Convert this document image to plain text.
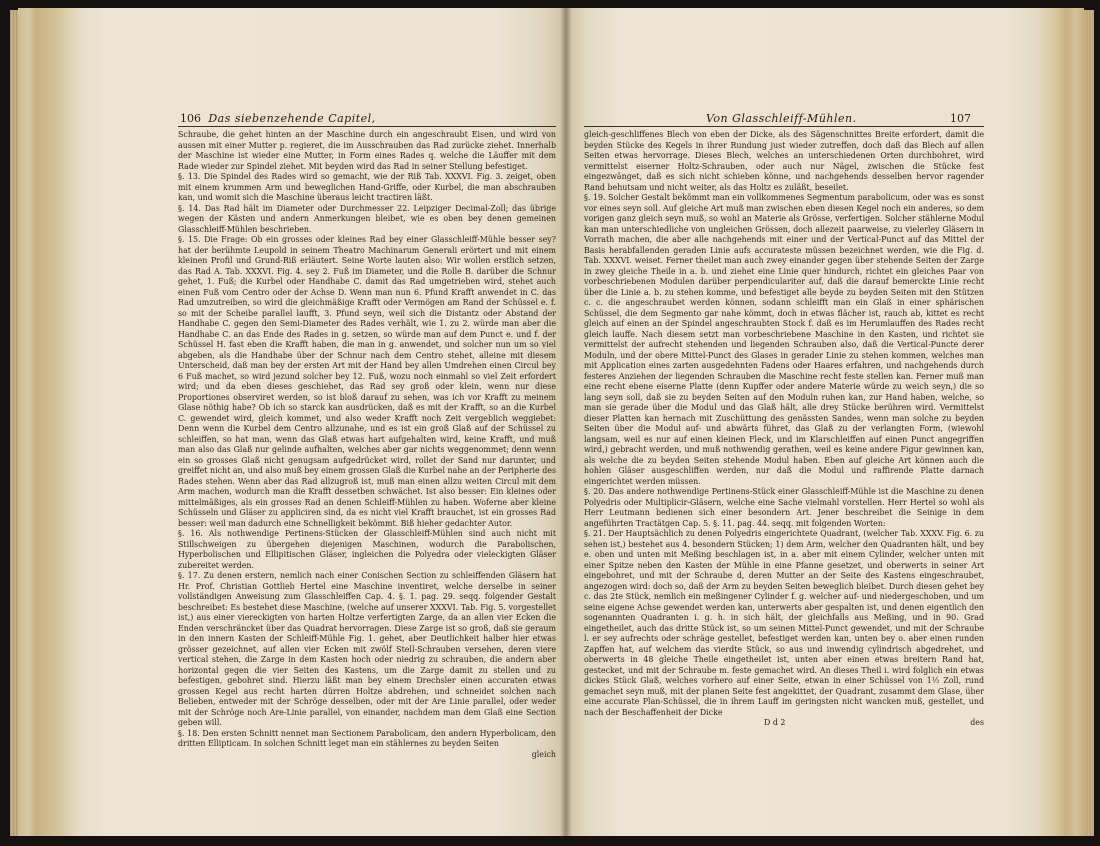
106 Das siebenzehende Capitel,

Schraube, die gehet hinten an der Maschine durch ein angeschraubt Eisen, und wird von aussen mit einer Mutter p. regieret, die im Ausschrauben das Rad zurücke ziehet. Innerhalb der Maschine ist wieder eine Mutter, in Form eines Rades q. welche die Läuffer mit dem Rade wieder zur Spindel ziehet. Mit beyden wird das Rad in seiner Stellung befestiget.

§. 13. Die Spindel des Rades wird so gemacht, wie der Riß Tab. XXXVI. Fig. 3. zeiget, oben mit einem krummen Arm und beweglichen Hand-Griffe, oder Kurbel, die man abschrauben kan, und womit sich die Maschine überaus leicht tractiren läßt.

§. 14. Das Rad hält im Diameter oder Durchmesser 22. Leipziger Decimal-Zoll; das übrige wegen der Kästen und andern Anmerkungen bleibet, wie es oben bey denen gemeinen Glasschleiff-Mühlen beschrieben.

§. 15. Die Frage: Ob ein grosses oder kleines Rad bey einer Glasschleiff-Mühle besser sey? hat der berühmte Leupold in seinem Theatro Machinarum Generali erörtert und mit einem kleinen Profil und Grund-Riß erläutert. Seine Worte lauten also: Wir wollen erstlich setzen, das Rad A. Tab. XXXVI. Fig. 4. sey 2. Fuß im Diameter, und die Rolle B. darüber die Schnur gehet, 1. Fuß; die Kurbel oder Handhabe C. damit das Rad umgetrieben wird, stehet auch einen Fuß vom Centro oder der Achse D. Wenn man nun 6. Pfund Krafft anwendet in C. das Rad umzutreiben, so wird die gleichmäßige Krafft oder Vermögen am Rand der Schüssel e. f. so mit der Scheibe parallel laufft, 3. Pfund seyn, weil sich die Distantz oder Abstand der Handhabe C. gegen den Semi-Diameter des Rades verhält, wie 1. zu 2. würde man aber die Handhabe C. an das Ende des Rades in g. setzen, so würde man auf dem Punct e. und f. der Schüssel H. fast eben die Krafft haben, die man in g. anwendet, und solcher nun um so viel abgeben, als die Handhabe über der Schnur nach dem Centro stehet, alleine mit diesem Unterscheid, daß man bey der ersten Art mit der Hand bey allen Umdrehen einen Circul bey 6 Fuß machet, so wird jezund solcher bey 12. Fuß, wozu noch einmahl so viel Zeit erfordert wird; und da eben dieses geschiehet, das Rad sey groß oder klein, wenn nur diese Proportiones observiret werden, so ist bloß darauf zu sehen, was ich vor Krafft zu meinem Glase nöthig habe? Ob ich so starck kan ausdrücken, daß es mit der Krafft, so an die Kurbel C. gewendet wird, gleich kommet, und also weder Krafft noch Zeit vergeblich weggiebet: Denn wenn die Kurbel dem Centro allzunahe, und es ist ein groß Glaß auf der Schüssel zu schleiffen, so hat man, wenn das Glaß etwas hart aufgehalten wird, keine Krafft, und muß man also das Glaß nur gelinde aufhalten, welches aber gar nichts weggenommet; denn wenn ein so grosses Glaß nicht genugsam aufgedrücket wird, rollet der Sand nur darunter, und greiffet nicht an, und also muß bey einem grossen Glaß die Kurbel nahe an der Peripherie des Rades stehen. Wenn aber das Rad allzugroß ist, muß man einen allzu weiten Circul mit dem Arm machen, wodurch man die Krafft dessetben schwächet. Ist also besser: Ein kleines oder mittelmäßiges, als ein grosses Rad an denen Schleiff-Mühlen zu haben. Woferne aber kleine Schüsseln und Gläser zu appliciren sind, da es nicht viel Krafft brauchet, ist ein grosses Rad besser: weil man dadurch eine Schnelligkeit bekömmt. Biß hieher gedachter Autor.

§. 16. Als nothwendige Pertinens-Stücken der Glasschleiff-Mühlen sind auch nicht mit Stillschweigen zu übergehen diejenigen Maschinen, wodurch die Parabolischen, Hyperbolischen und Ellipitischen Gläser, ingleichen die Polyedra oder vieleckigten Gläser zubereitet werden.

§. 17. Zu denen erstern, nemlich nach einer Conischen Section zu schleiffenden Gläsern hat Hr. Prof. Christian Gottlieb Hertel eine Maschine inventiret, welche derselbe in seiner vollständigen Anweisung zum Glasschleiffen Cap. 4. §. 1. pag. 29. seqq. folgender Gestalt beschreibet: Es bestehet diese Maschine, (welche auf unserer XXXVI. Tab. Fig. 5. vorgestellet ist,) aus einer viereckigten von harten Holtze verfertigten Zarge, da an allen vier Ecken die Enden verschräncket über das Quadrat hervorragen. Diese Zarge ist so groß, daß sie geraum in den innern Kasten der Schleiff-Mühle Fig. 1. gehet, aber Deutlichkeit halber hier etwas grösser gezeichnet, auf allen vier Ecken mit zwölf Stell-Schrauben versehen, deren viere vertical stehen, die Zarge in dem Kasten hoch oder niedrig zu schrauben, die andern aber horizontal gegen die vier Seiten des Kastens, um die Zarge damit zu stellen und zu befestigen, gebohret sind. Hierzu läßt man bey einem Drechsler einen accuraten etwas grossen Kegel aus recht harten dürren Holtze abdrehen, und schneidet solchen nach Belieben, entweder mit der Schröge desselben, oder mit der Are Linie parallel, oder weder mit der Schröge noch Are-Linie parallel, von einander, nachdem man dem Glaß eine Section geben will.

§. 18. Den ersten Schnitt nennet man Sectionem Parabolicam, den andern Hyperbolicam, den dritten Ellipticam. In solchen Schnitt leget man ein stählernes zu beyden Seiten

gleich
Von Glasschleiff-Mühlen.	107

gleich-geschliffenes Blech von eben der Dicke, als des Sägenschnittes Breite erfordert, damit die beyden Stücke des Kegels in ihrer Rundung just wieder zutreffen, doch daß das Blech auf allen Seiten etwas hervorrage. Dieses Blech, welches an unterschiedenen Orten durchbohret, wird vermittelst eiserner Holtz-Schrauben, oder auch nur Nägel, zwischen die Stücke fest eingezwänget, daß es sich nicht schieben könne, und nachgehends desselben hervor ragender Rand behutsam und nicht weiter, als das Holtz es zuläßt, beseilet.

§. 19. Solcher Gestalt bekömmt man ein vollkommenes Segmentum parabolicum, oder was es sonst vor eines seyn soll. Auf gleiche Art muß man zwischen eben diesen Kegel noch ein anderes, so dem vorigen ganz gleich seyn muß, so wohl an Materie als Grösse, verfertigen. Solcher stählerne Modul kan man unterschiedliche von ungleichen Grössen, doch allezeit paarweise, zu vielerley Gläsern in Vorrath machen, die aber alle nachgehends mit einer und der Vertical-Punct auf das Mittel der Basis herabfallenden geraden Linie aufs accurateste müssen bezeichnet werden, wie die Fig. d. Tab. XXXVI. weiset. Ferner theilet man auch zwey einander gegen über stehende Seiten der Zarge in zwey gleiche Theile in a. b. und ziehet eine Linie quer hindurch, richtet ein gleiches Paar von vorbeschriebenen Modulen darüber perpendiculariter auf, daß die darauf bemerckte Linie recht über die Linie a. b. zu stehen komme, und befestiget alle beyde zu beyden Seiten mit den Stützen c. c. die angeschraubet werden können, sodann schleifft man ein Glaß in einer sphärischen Schüssel, die dem Segmento gar nahe kömmt, doch in etwas flächer ist, rauch ab, kittet es recht gleich auf einen an der Spindel angeschraubten Stock f. daß es im Herumlauffen des Rades recht gleich lauffe. Nach diesem setzt man vorbeschriebene Maschine in den Kasten, und richtet sie vermittelst der aufrecht stehenden und liegenden Schrauben also, daß die Vertical-Puncte derer Moduln, und der obere Mittel-Punct des Glases in gerader Linie zu stehen kommen, welches man mit Application eines zarten ausgedehnten Fadens oder Haares erfahren, und nachgehends durch festeres Anziehen der liegenden Schrauben die Maschine recht feste stellen kan. Ferner muß man eine recht ebene eiserne Platte (denn Kupffer oder andere Materie würde zu weich seyn,) die so lang seyn soll, daß sie zu beyden Seiten auf den Moduln ruhen kan, zur Hand haben, welche, so man sie gerade über die Modul und das Glaß hält, alle drey Stücke berühren wird. Vermittelst dieser Platten kan hernach mit Zuschüttung des genässten Sandes, wenn man solche zu beyden Seiten über die Modul auf- und abwärts führet, das Glaß zu der verlangten Form, (wiewohl langsam, weil es nur auf einen kleinen Fleck, und im Klarschleiffen auf einen Punct angegriffen wird,) gebracht werden, und muß nothwendig gerathen, weil es keine andere Figur gewinnen kan, als welche die zu beyden Seiten stehende Modul haben. Eben auf gleiche Art können auch die hohlen Gläser ausgeschliffen werden, nur daß die Modul und raffirende Platte darnach eingerichtet werden müssen.

§. 20. Das andere nothwendige Pertinens-Stück einer Glasschleiff-Mühle ist die Maschine zu denen Polyedris oder Multiplicir-Gläsern, welche eine Sache vielmahl vorstellen. Herr Hertel so wohl als Herr Leutmann bedienen sich einer besondern Art. Jener beschreibet die Seinige in dem angeführten Tractätgen Cap. 5. §. 11. pag. 44. seqq. mit folgenden Worten:

§. 21. Der Hauptsächlich zu denen Polyedris eingerichtete Quadrant, (welcher Tab. XXXV. Fig. 6. zu sehen ist,) bestehet aus 4. besondern Stücken; 1) dem Arm, welcher den Quadranten hält, und bey e. oben und unten mit Meßing beschlagen ist, in a. aber mit einem Cylinder, welcher unten mit einer Spitze neben den Kasten der Mühle in eine Pfanne gesetzet, und oberwerts in seiner Art eingebohret, und mit der Schraube d, deren Mutter an der Seite des Kastens eingeschraubet, angezogen wird: doch so, daß der Arm zu beyden Seiten beweglich bleibet. Durch diesen gehet bey c. das 2te Stück, nemlich ein meßingener Cylinder f. g. welcher auf- und niedergeschoben, und um seine eigene Achse gewendet werden kan, unterwerts aber gespalten ist, und denen eigentlich den sogenannten Quadranten i. g. h. in sich hält, der gleichfalls aus Meßing, und in 90. Grad eingetheilet, auch das dritte Stück ist, so um seinen Mittel-Punct gewendet, und mit der Schraube l. er sey aufrechts oder schräge gestellet, befestiget werden kan, unten bey o. aber einen runden Zapffen hat, auf welchem das vierdte Stück, so aus und inwendig cylindrisch abgedrehet, und oberwerts in 48 gleiche Theile eingetheilet ist, unten aber einen etwas breitern Rand hat, gestecket, und mit der Schraube m. feste gemachet wird. An dieses Theil i. wird folglich ein etwas dickes Stück Glaß, welches vorhero auf einer Seite, etwan in einer Schüssel von 1½ Zoll, rund gemachet seyn muß, mit der planen Seite fest angekittet, der Quadrant, zusammt dem Glase, über eine accurate Plan-Schüssel, die in ihrem Lauff im geringsten nicht wancken muß, gestellet, und nach der Beschaffenheit der Dicke

D d 2	des
